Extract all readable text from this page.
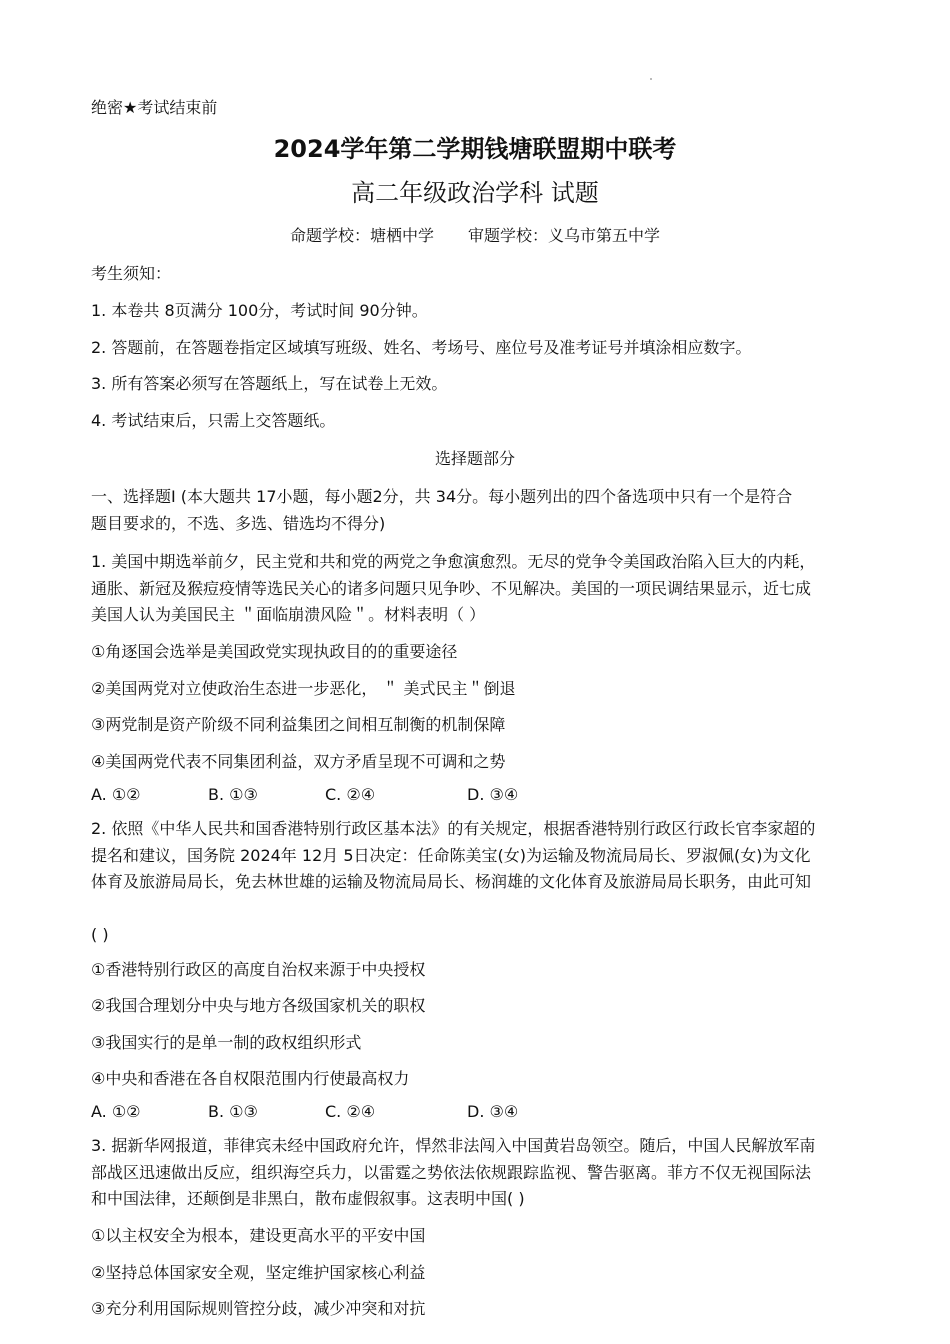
绝密★考试结束前
2024学年第二学期钱塘联盟期中联考
高二年级政治学科 试题
命题学校：塘栖中学 审题学校：义乌市第五中学
考生须知：
1. 本卷共 8页满分 100分，考试时间 90分钟。
2. 答题前，在答题卷指定区域填写班级、姓名、考场号、座位号及准考证号并填涂相应数字。
3. 所有答案必须写在答题纸上，写在试卷上无效。
4. 考试结束后，只需上交答题纸。
选择题部分
一、选择题Ⅰ (本大题共 17小题，每小题2分，共 34分。每小题列出的四个备选项中只有一个是符合
题目要求的，不选、多选、错选均不得分)
1. 美国中期选举前夕，民主党和共和党的两党之争愈演愈烈。无尽的党争令美国政治陷入巨大的内耗，
通胀、新冠及猴痘疫情等选民关心的诸多问题只见争吵、不见解决。美国的一项民调结果显示，近七成
美国人认为美国民主 ＂面临崩溃风险＂。材料表明（ ）
①角逐国会选举是美国政党实现执政目的的重要途径
②美国两党对立使政治生态进一步恶化， ＂ 美式民主＂倒退
③两党制是资产阶级不同利益集团之间相互制衡的机制保障
④美国两党代表不同集团利益，双方矛盾呈现不可调和之势
A. ①②	B. ①③	C. ②④	D. ③④
2. 依照《中华人民共和国香港特别行政区基本法》的有关规定，根据香港特别行政区行政长官李家超的
提名和建议，国务院 2024年 12月 5日决定：任命陈美宝(女)为运输及物流局局长、罗淑佩(女)为文化
体育及旅游局局长，免去林世雄的运输及物流局局长、杨润雄的文化体育及旅游局局长职务，由此可知
( )
①香港特别行政区的高度自治权来源于中央授权
②我国合理划分中央与地方各级国家机关的职权
③我国实行的是单一制的政权组织形式
④中央和香港在各自权限范围内行使最高权力
A. ①②	B. ①③	C. ②④	D. ③④
3. 据新华网报道，菲律宾未经中国政府允许，悍然非法闯入中国黄岩岛领空。随后，中国人民解放军南
部战区迅速做出反应，组织海空兵力，以雷霆之势依法依规跟踪监视、警告驱离。菲方不仅无视国际法
和中国法律，还颠倒是非黑白，散布虚假叙事。这表明中国( )
①以主权安全为根本，建设更高水平的平安中国
②坚持总体国家安全观，坚定维护国家核心利益
③充分利用国际规则管控分歧，减少冲突和对抗
